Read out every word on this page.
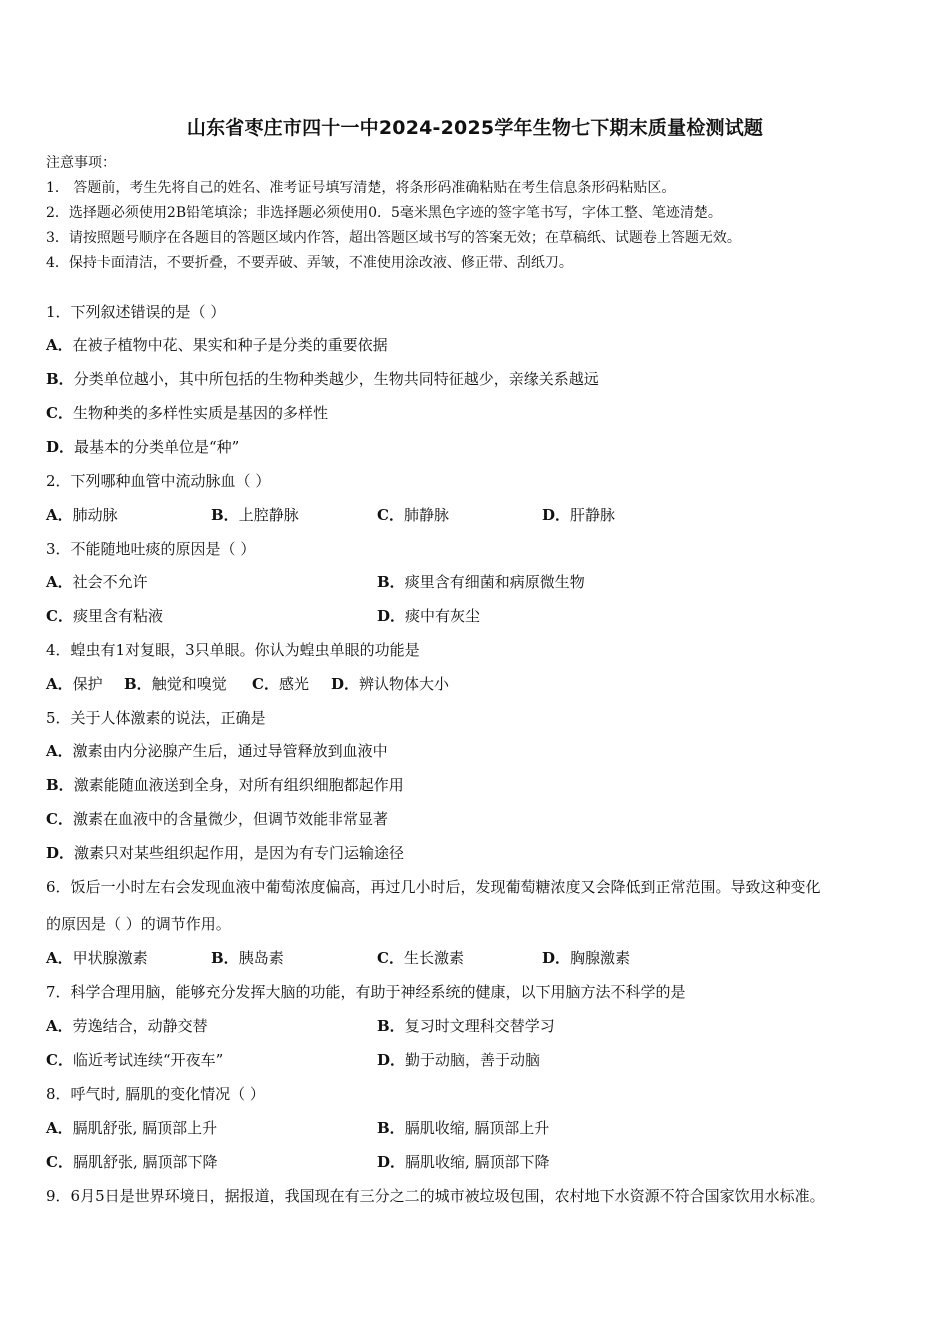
山东省枣庄市四十一中2024-2025学年生物七下期末质量检测试题
注意事项：
1． 答题前，考生先将自己的姓名、准考证号填写清楚，将条形码准确粘贴在考生信息条形码粘贴区。
2．选择题必须使用2B铅笔填涂；非选择题必须使用0．5毫米黑色字迹的签字笔书写，字体工整、笔迹清楚。
3．请按照题号顺序在各题目的答题区域内作答，超出答题区域书写的答案无效；在草稿纸、试题卷上答题无效。
4．保持卡面清洁，不要折叠，不要弄破、弄皱，不准使用涂改液、修正带、刮纸刀。
1．下列叙述错误的是（ ）
A．在被子植物中花、果实和种子是分类的重要依据
B．分类单位越小，其中所包括的生物种类越少，生物共同特征越少，亲缘关系越远
C．生物种类的多样性实质是基因的多样性
D．最基本的分类单位是“种”
2．下列哪种血管中流动脉血（ ）
A．肺动脉	B．上腔静脉	C．肺静脉	D．肝静脉
3．不能随地吐痰的原因是（ ）
A．社会不允许	B．痰里含有细菌和病原微生物
C．痰里含有粘液	D．痰中有灰尘
4．蝗虫有1对复眼，3只单眼。你认为蝗虫单眼的功能是
A．保护 B．触觉和嗅觉 C．感光 D．辨认物体大小
5．关于人体激素的说法，正确是
A．激素由内分泌腺产生后，通过导管释放到血液中
B．激素能随血液送到全身，对所有组织细胞都起作用
C．激素在血液中的含量微少，但调节效能非常显著
D．激素只对某些组织起作用，是因为有专门运输途径
6．饭后一小时左右会发现血液中葡萄浓度偏高，再过几小时后，发现葡萄糖浓度又会降低到正常范围。导致这种变化
的原因是（ ）的调节作用。
A．甲状腺激素	B．胰岛素	C．生长激素	D．胸腺激素
7．科学合理用脑，能够充分发挥大脑的功能，有助于神经系统的健康，以下用脑方法不科学的是
A．劳逸结合，动静交替	B．复习时文理科交替学习
C．临近考试连续“开夜车”	D．勤于动脑，善于动脑
8．呼气时, 膈肌的变化情况（ ）
A．膈肌舒张, 膈顶部上升	B．膈肌收缩, 膈顶部上升
C．膈肌舒张, 膈顶部下降	D．膈肌收缩, 膈顶部下降
9．6月5日是世界环境日，据报道，我国现在有三分之二的城市被垃圾包围，农村地下水资源不符合国家饮用水标准。
